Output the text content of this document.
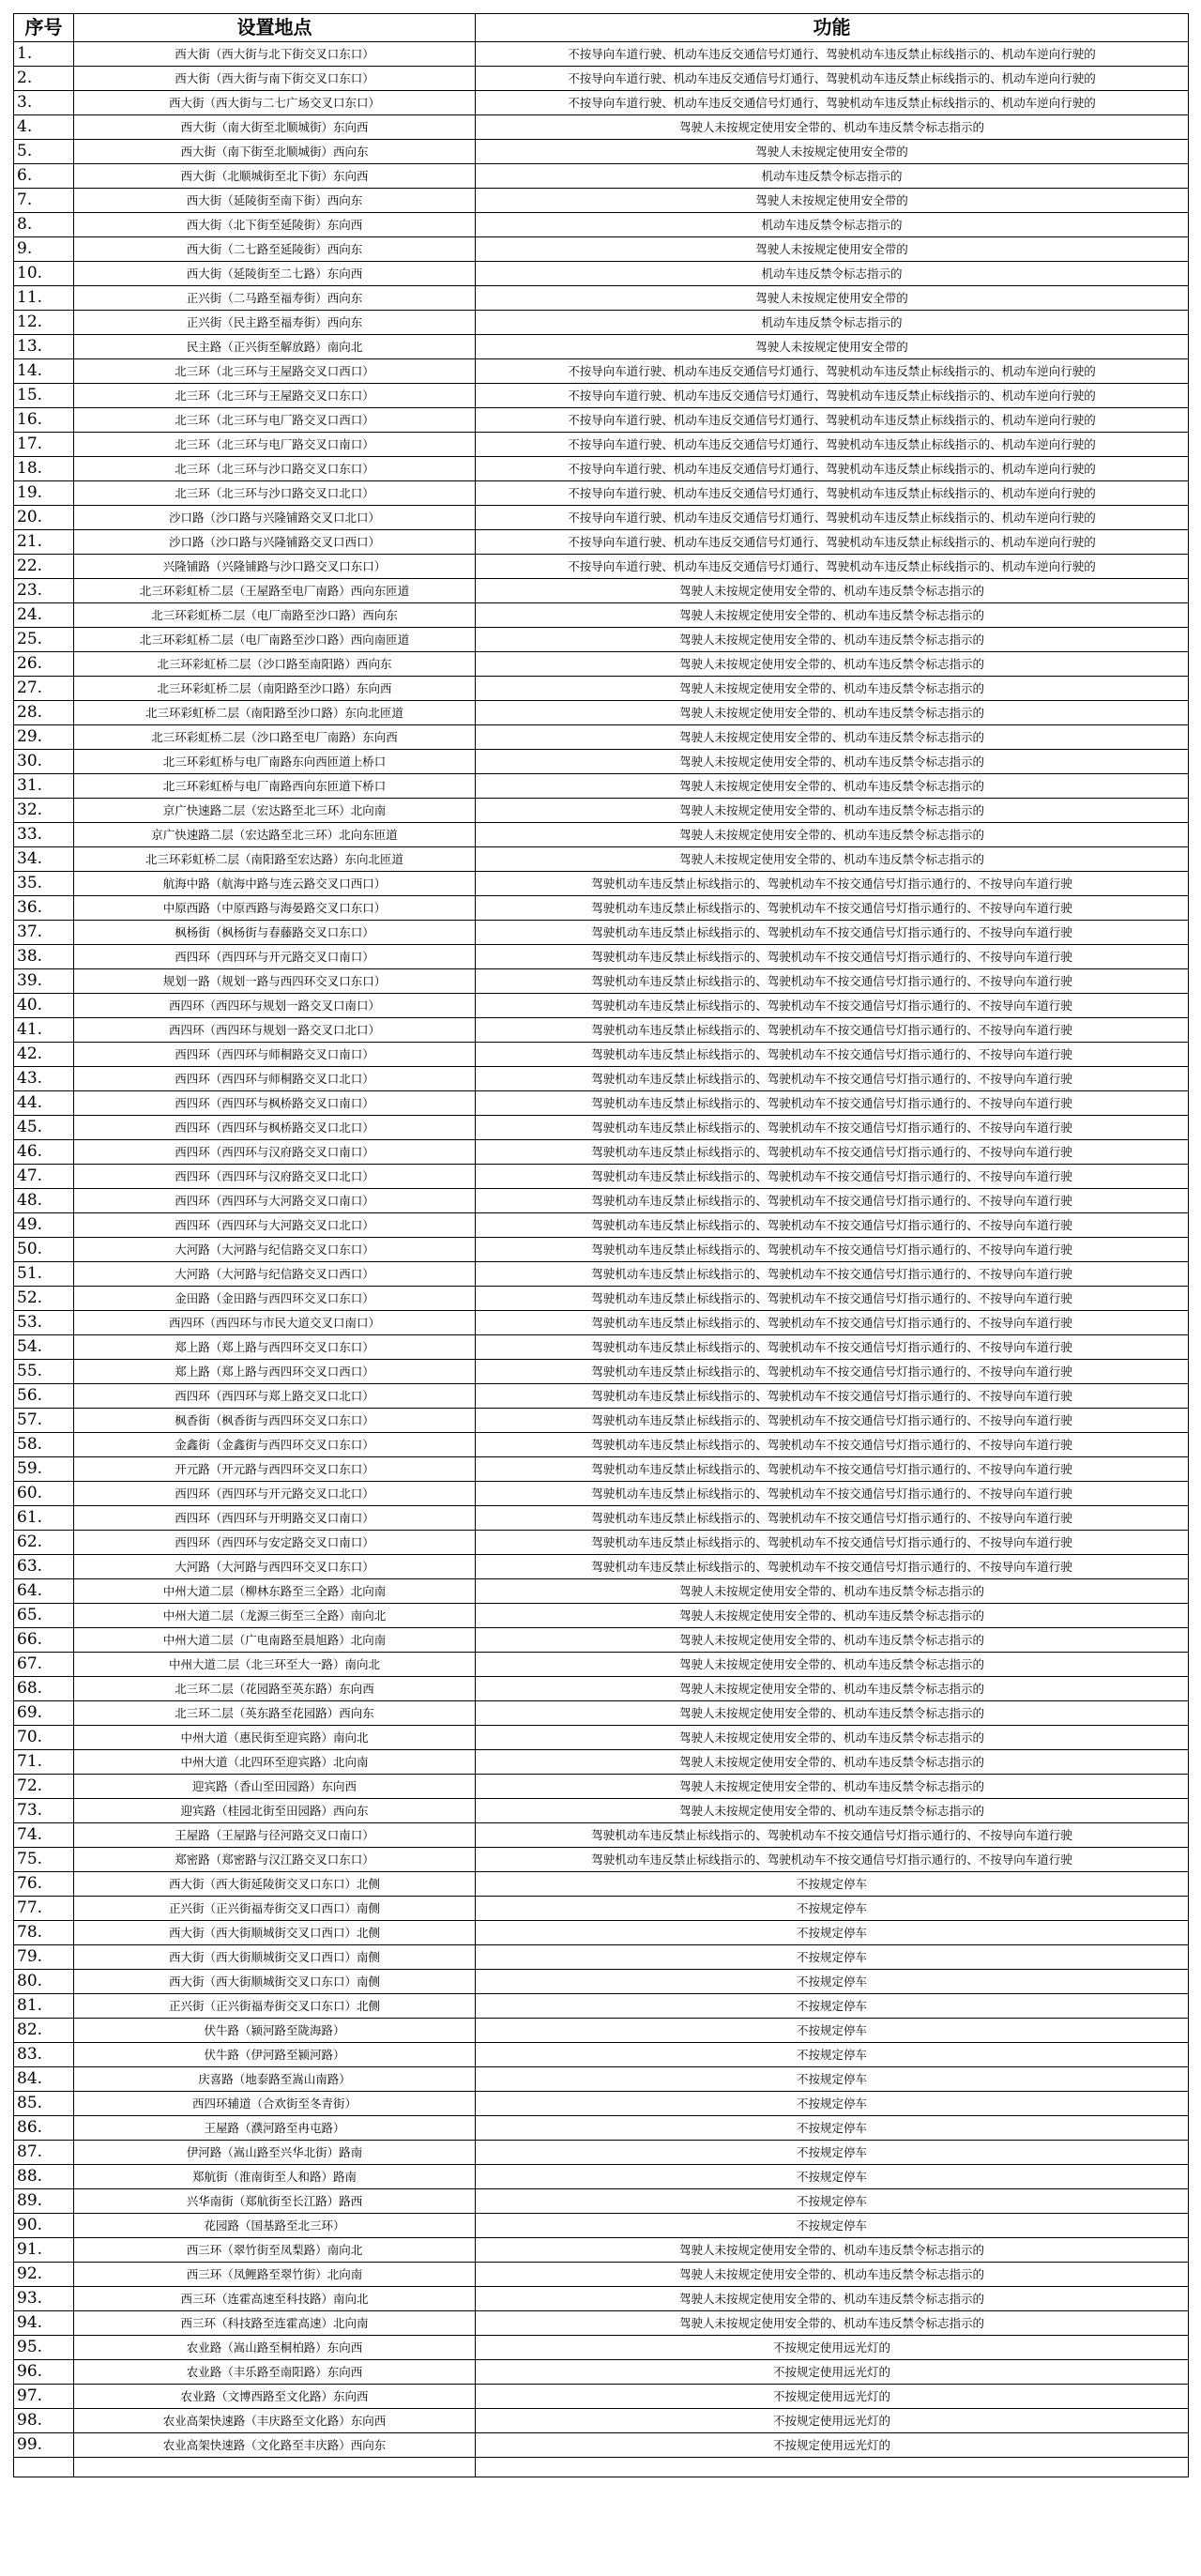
序号	设置地点	功能
1.	西大街（西大街与北下街交叉口东口）	不按导向车道行驶、机动车违反交通信号灯通行、驾驶机动车违反禁止标线指示的、机动车逆向行驶的
2.	西大街（西大街与南下街交叉口东口）	不按导向车道行驶、机动车违反交通信号灯通行、驾驶机动车违反禁止标线指示的、机动车逆向行驶的
3.	西大街（西大街与二七广场交叉口东口）	不按导向车道行驶、机动车违反交通信号灯通行、驾驶机动车违反禁止标线指示的、机动车逆向行驶的
4.	西大街（南大街至北顺城街）东向西	驾驶人未按规定使用安全带的、机动车违反禁令标志指示的
5.	西大街（南下街至北顺城街）西向东	驾驶人未按规定使用安全带的
6.	西大街（北顺城街至北下街）东向西	机动车违反禁令标志指示的
7.	西大街（延陵街至南下街）西向东	驾驶人未按规定使用安全带的
8.	西大街（北下街至延陵街）东向西	机动车违反禁令标志指示的
9.	西大街（二七路至延陵街）西向东	驾驶人未按规定使用安全带的
10.	西大街（延陵街至二七路）东向西	机动车违反禁令标志指示的
11.	正兴街（二马路至福寿街）西向东	驾驶人未按规定使用安全带的
12.	正兴街（民主路至福寿街）西向东	机动车违反禁令标志指示的
13.	民主路（正兴街至解放路）南向北	驾驶人未按规定使用安全带的
14.	北三环（北三环与王屋路交叉口西口）	不按导向车道行驶、机动车违反交通信号灯通行、驾驶机动车违反禁止标线指示的、机动车逆向行驶的
15.	北三环（北三环与王屋路交叉口东口）	不按导向车道行驶、机动车违反交通信号灯通行、驾驶机动车违反禁止标线指示的、机动车逆向行驶的
16.	北三环（北三环与电厂路交叉口西口）	不按导向车道行驶、机动车违反交通信号灯通行、驾驶机动车违反禁止标线指示的、机动车逆向行驶的
17.	北三环（北三环与电厂路交叉口南口）	不按导向车道行驶、机动车违反交通信号灯通行、驾驶机动车违反禁止标线指示的、机动车逆向行驶的
18.	北三环（北三环与沙口路交叉口东口）	不按导向车道行驶、机动车违反交通信号灯通行、驾驶机动车违反禁止标线指示的、机动车逆向行驶的
19.	北三环（北三环与沙口路交叉口北口）	不按导向车道行驶、机动车违反交通信号灯通行、驾驶机动车违反禁止标线指示的、机动车逆向行驶的
20.	沙口路（沙口路与兴隆铺路交叉口北口）	不按导向车道行驶、机动车违反交通信号灯通行、驾驶机动车违反禁止标线指示的、机动车逆向行驶的
21.	沙口路（沙口路与兴隆铺路交叉口西口）	不按导向车道行驶、机动车违反交通信号灯通行、驾驶机动车违反禁止标线指示的、机动车逆向行驶的
22.	兴隆铺路（兴隆铺路与沙口路交叉口东口）	不按导向车道行驶、机动车违反交通信号灯通行、驾驶机动车违反禁止标线指示的、机动车逆向行驶的
23.	北三环彩虹桥二层（王屋路至电厂南路）西向东匝道	驾驶人未按规定使用安全带的、机动车违反禁令标志指示的
24.	北三环彩虹桥二层（电厂南路至沙口路）西向东	驾驶人未按规定使用安全带的、机动车违反禁令标志指示的
25.	北三环彩虹桥二层（电厂南路至沙口路）西向南匝道	驾驶人未按规定使用安全带的、机动车违反禁令标志指示的
26.	北三环彩虹桥二层（沙口路至南阳路）西向东	驾驶人未按规定使用安全带的、机动车违反禁令标志指示的
27.	北三环彩虹桥二层（南阳路至沙口路）东向西	驾驶人未按规定使用安全带的、机动车违反禁令标志指示的
28.	北三环彩虹桥二层（南阳路至沙口路）东向北匝道	驾驶人未按规定使用安全带的、机动车违反禁令标志指示的
29.	北三环彩虹桥二层（沙口路至电厂南路）东向西	驾驶人未按规定使用安全带的、机动车违反禁令标志指示的
30.	北三环彩虹桥与电厂南路东向西匝道上桥口	驾驶人未按规定使用安全带的、机动车违反禁令标志指示的
31.	北三环彩虹桥与电厂南路西向东匝道下桥口	驾驶人未按规定使用安全带的、机动车违反禁令标志指示的
32.	京广快速路二层（宏达路至北三环）北向南	驾驶人未按规定使用安全带的、机动车违反禁令标志指示的
33.	京广快速路二层（宏达路至北三环）北向东匝道	驾驶人未按规定使用安全带的、机动车违反禁令标志指示的
34.	北三环彩虹桥二层（南阳路至宏达路）东向北匝道	驾驶人未按规定使用安全带的、机动车违反禁令标志指示的
35.	航海中路（航海中路与连云路交叉口西口）	驾驶机动车违反禁止标线指示的、驾驶机动车不按交通信号灯指示通行的、不按导向车道行驶
36.	中原西路（中原西路与海晏路交叉口东口）	驾驶机动车违反禁止标线指示的、驾驶机动车不按交通信号灯指示通行的、不按导向车道行驶
37.	枫杨街（枫杨街与春藤路交叉口东口）	驾驶机动车违反禁止标线指示的、驾驶机动车不按交通信号灯指示通行的、不按导向车道行驶
38.	西四环（西四环与开元路交叉口南口）	驾驶机动车违反禁止标线指示的、驾驶机动车不按交通信号灯指示通行的、不按导向车道行驶
39.	规划一路（规划一路与西四环交叉口东口）	驾驶机动车违反禁止标线指示的、驾驶机动车不按交通信号灯指示通行的、不按导向车道行驶
40.	西四环（西四环与规划一路交叉口南口）	驾驶机动车违反禁止标线指示的、驾驶机动车不按交通信号灯指示通行的、不按导向车道行驶
41.	西四环（西四环与规划一路交叉口北口）	驾驶机动车违反禁止标线指示的、驾驶机动车不按交通信号灯指示通行的、不按导向车道行驶
42.	西四环（西四环与师桐路交叉口南口）	驾驶机动车违反禁止标线指示的、驾驶机动车不按交通信号灯指示通行的、不按导向车道行驶
43.	西四环（西四环与师桐路交叉口北口）	驾驶机动车违反禁止标线指示的、驾驶机动车不按交通信号灯指示通行的、不按导向车道行驶
44.	西四环（西四环与枫桥路交叉口南口）	驾驶机动车违反禁止标线指示的、驾驶机动车不按交通信号灯指示通行的、不按导向车道行驶
45.	西四环（西四环与枫桥路交叉口北口）	驾驶机动车违反禁止标线指示的、驾驶机动车不按交通信号灯指示通行的、不按导向车道行驶
46.	西四环（西四环与汉府路交叉口南口）	驾驶机动车违反禁止标线指示的、驾驶机动车不按交通信号灯指示通行的、不按导向车道行驶
47.	西四环（西四环与汉府路交叉口北口）	驾驶机动车违反禁止标线指示的、驾驶机动车不按交通信号灯指示通行的、不按导向车道行驶
48.	西四环（西四环与大河路交叉口南口）	驾驶机动车违反禁止标线指示的、驾驶机动车不按交通信号灯指示通行的、不按导向车道行驶
49.	西四环（西四环与大河路交叉口北口）	驾驶机动车违反禁止标线指示的、驾驶机动车不按交通信号灯指示通行的、不按导向车道行驶
50.	大河路（大河路与纪信路交叉口东口）	驾驶机动车违反禁止标线指示的、驾驶机动车不按交通信号灯指示通行的、不按导向车道行驶
51.	大河路（大河路与纪信路交叉口西口）	驾驶机动车违反禁止标线指示的、驾驶机动车不按交通信号灯指示通行的、不按导向车道行驶
52.	金田路（金田路与西四环交叉口东口）	驾驶机动车违反禁止标线指示的、驾驶机动车不按交通信号灯指示通行的、不按导向车道行驶
53.	西四环（西四环与市民大道交叉口南口）	驾驶机动车违反禁止标线指示的、驾驶机动车不按交通信号灯指示通行的、不按导向车道行驶
54.	郑上路（郑上路与西四环交叉口东口）	驾驶机动车违反禁止标线指示的、驾驶机动车不按交通信号灯指示通行的、不按导向车道行驶
55.	郑上路（郑上路与西四环交叉口西口）	驾驶机动车违反禁止标线指示的、驾驶机动车不按交通信号灯指示通行的、不按导向车道行驶
56.	西四环（西四环与郑上路交叉口北口）	驾驶机动车违反禁止标线指示的、驾驶机动车不按交通信号灯指示通行的、不按导向车道行驶
57.	枫香街（枫香街与西四环交叉口东口）	驾驶机动车违反禁止标线指示的、驾驶机动车不按交通信号灯指示通行的、不按导向车道行驶
58.	金鑫街（金鑫街与西四环交叉口东口）	驾驶机动车违反禁止标线指示的、驾驶机动车不按交通信号灯指示通行的、不按导向车道行驶
59.	开元路（开元路与西四环交叉口东口）	驾驶机动车违反禁止标线指示的、驾驶机动车不按交通信号灯指示通行的、不按导向车道行驶
60.	西四环（西四环与开元路交叉口北口）	驾驶机动车违反禁止标线指示的、驾驶机动车不按交通信号灯指示通行的、不按导向车道行驶
61.	西四环（西四环与开明路交叉口南口）	驾驶机动车违反禁止标线指示的、驾驶机动车不按交通信号灯指示通行的、不按导向车道行驶
62.	西四环（西四环与安定路交叉口南口）	驾驶机动车违反禁止标线指示的、驾驶机动车不按交通信号灯指示通行的、不按导向车道行驶
63.	大河路（大河路与西四环交叉口东口）	驾驶机动车违反禁止标线指示的、驾驶机动车不按交通信号灯指示通行的、不按导向车道行驶
64.	中州大道二层（柳林东路至三全路）北向南	驾驶人未按规定使用安全带的、机动车违反禁令标志指示的
65.	中州大道二层（龙源三街至三全路）南向北	驾驶人未按规定使用安全带的、机动车违反禁令标志指示的
66.	中州大道二层（广电南路至晨旭路）北向南	驾驶人未按规定使用安全带的、机动车违反禁令标志指示的
67.	中州大道二层（北三环至大一路）南向北	驾驶人未按规定使用安全带的、机动车违反禁令标志指示的
68.	北三环二层（花园路至英东路）东向西	驾驶人未按规定使用安全带的、机动车违反禁令标志指示的
69.	北三环二层（英东路至花园路）西向东	驾驶人未按规定使用安全带的、机动车违反禁令标志指示的
70.	中州大道（惠民街至迎宾路）南向北	驾驶人未按规定使用安全带的、机动车违反禁令标志指示的
71.	中州大道（北四环至迎宾路）北向南	驾驶人未按规定使用安全带的、机动车违反禁令标志指示的
72.	迎宾路（香山至田园路）东向西	驾驶人未按规定使用安全带的、机动车违反禁令标志指示的
73.	迎宾路（桂园北街至田园路）西向东	驾驶人未按规定使用安全带的、机动车违反禁令标志指示的
74.	王屋路（王屋路与径河路交叉口南口）	驾驶机动车违反禁止标线指示的、驾驶机动车不按交通信号灯指示通行的、不按导向车道行驶
75.	郑密路（郑密路与汉江路交叉口东口）	驾驶机动车违反禁止标线指示的、驾驶机动车不按交通信号灯指示通行的、不按导向车道行驶
76.	西大街（西大街延陵街交叉口东口）北侧	不按规定停车
77.	正兴街（正兴街福寿街交叉口西口）南侧	不按规定停车
78.	西大街（西大街顺城街交叉口西口）北侧	不按规定停车
79.	西大街（西大街顺城街交叉口西口）南侧	不按规定停车
80.	西大街（西大街顺城街交叉口东口）南侧	不按规定停车
81.	正兴街（正兴街福寿街交叉口东口）北侧	不按规定停车
82.	伏牛路（颍河路至陇海路）	不按规定停车
83.	伏牛路（伊河路至颍河路）	不按规定停车
84.	庆喜路（地泰路至嵩山南路）	不按规定停车
85.	西四环辅道（合欢街至冬青街）	不按规定停车
86.	王屋路（濮河路至冉屯路）	不按规定停车
87.	伊河路（嵩山路至兴华北街）路南	不按规定停车
88.	郑航街（淮南街至人和路）路南	不按规定停车
89.	兴华南街（郑航街至长江路）路西	不按规定停车
90.	花园路（国基路至北三环）	不按规定停车
91.	西三环（翠竹街至凤梨路）南向北	驾驶人未按规定使用安全带的、机动车违反禁令标志指示的
92.	西三环（凤鲤路至翠竹街）北向南	驾驶人未按规定使用安全带的、机动车违反禁令标志指示的
93.	西三环（连霍高速至科技路）南向北	驾驶人未按规定使用安全带的、机动车违反禁令标志指示的
94.	西三环（科技路至连霍高速）北向南	驾驶人未按规定使用安全带的、机动车违反禁令标志指示的
95.	农业路（嵩山路至桐柏路）东向西	不按规定使用远光灯的
96.	农业路（丰乐路至南阳路）东向西	不按规定使用远光灯的
97.	农业路（文博西路至文化路）东向西	不按规定使用远光灯的
98.	农业高架快速路（丰庆路至文化路）东向西	不按规定使用远光灯的
99.	农业高架快速路（文化路至丰庆路）西向东	不按规定使用远光灯的
